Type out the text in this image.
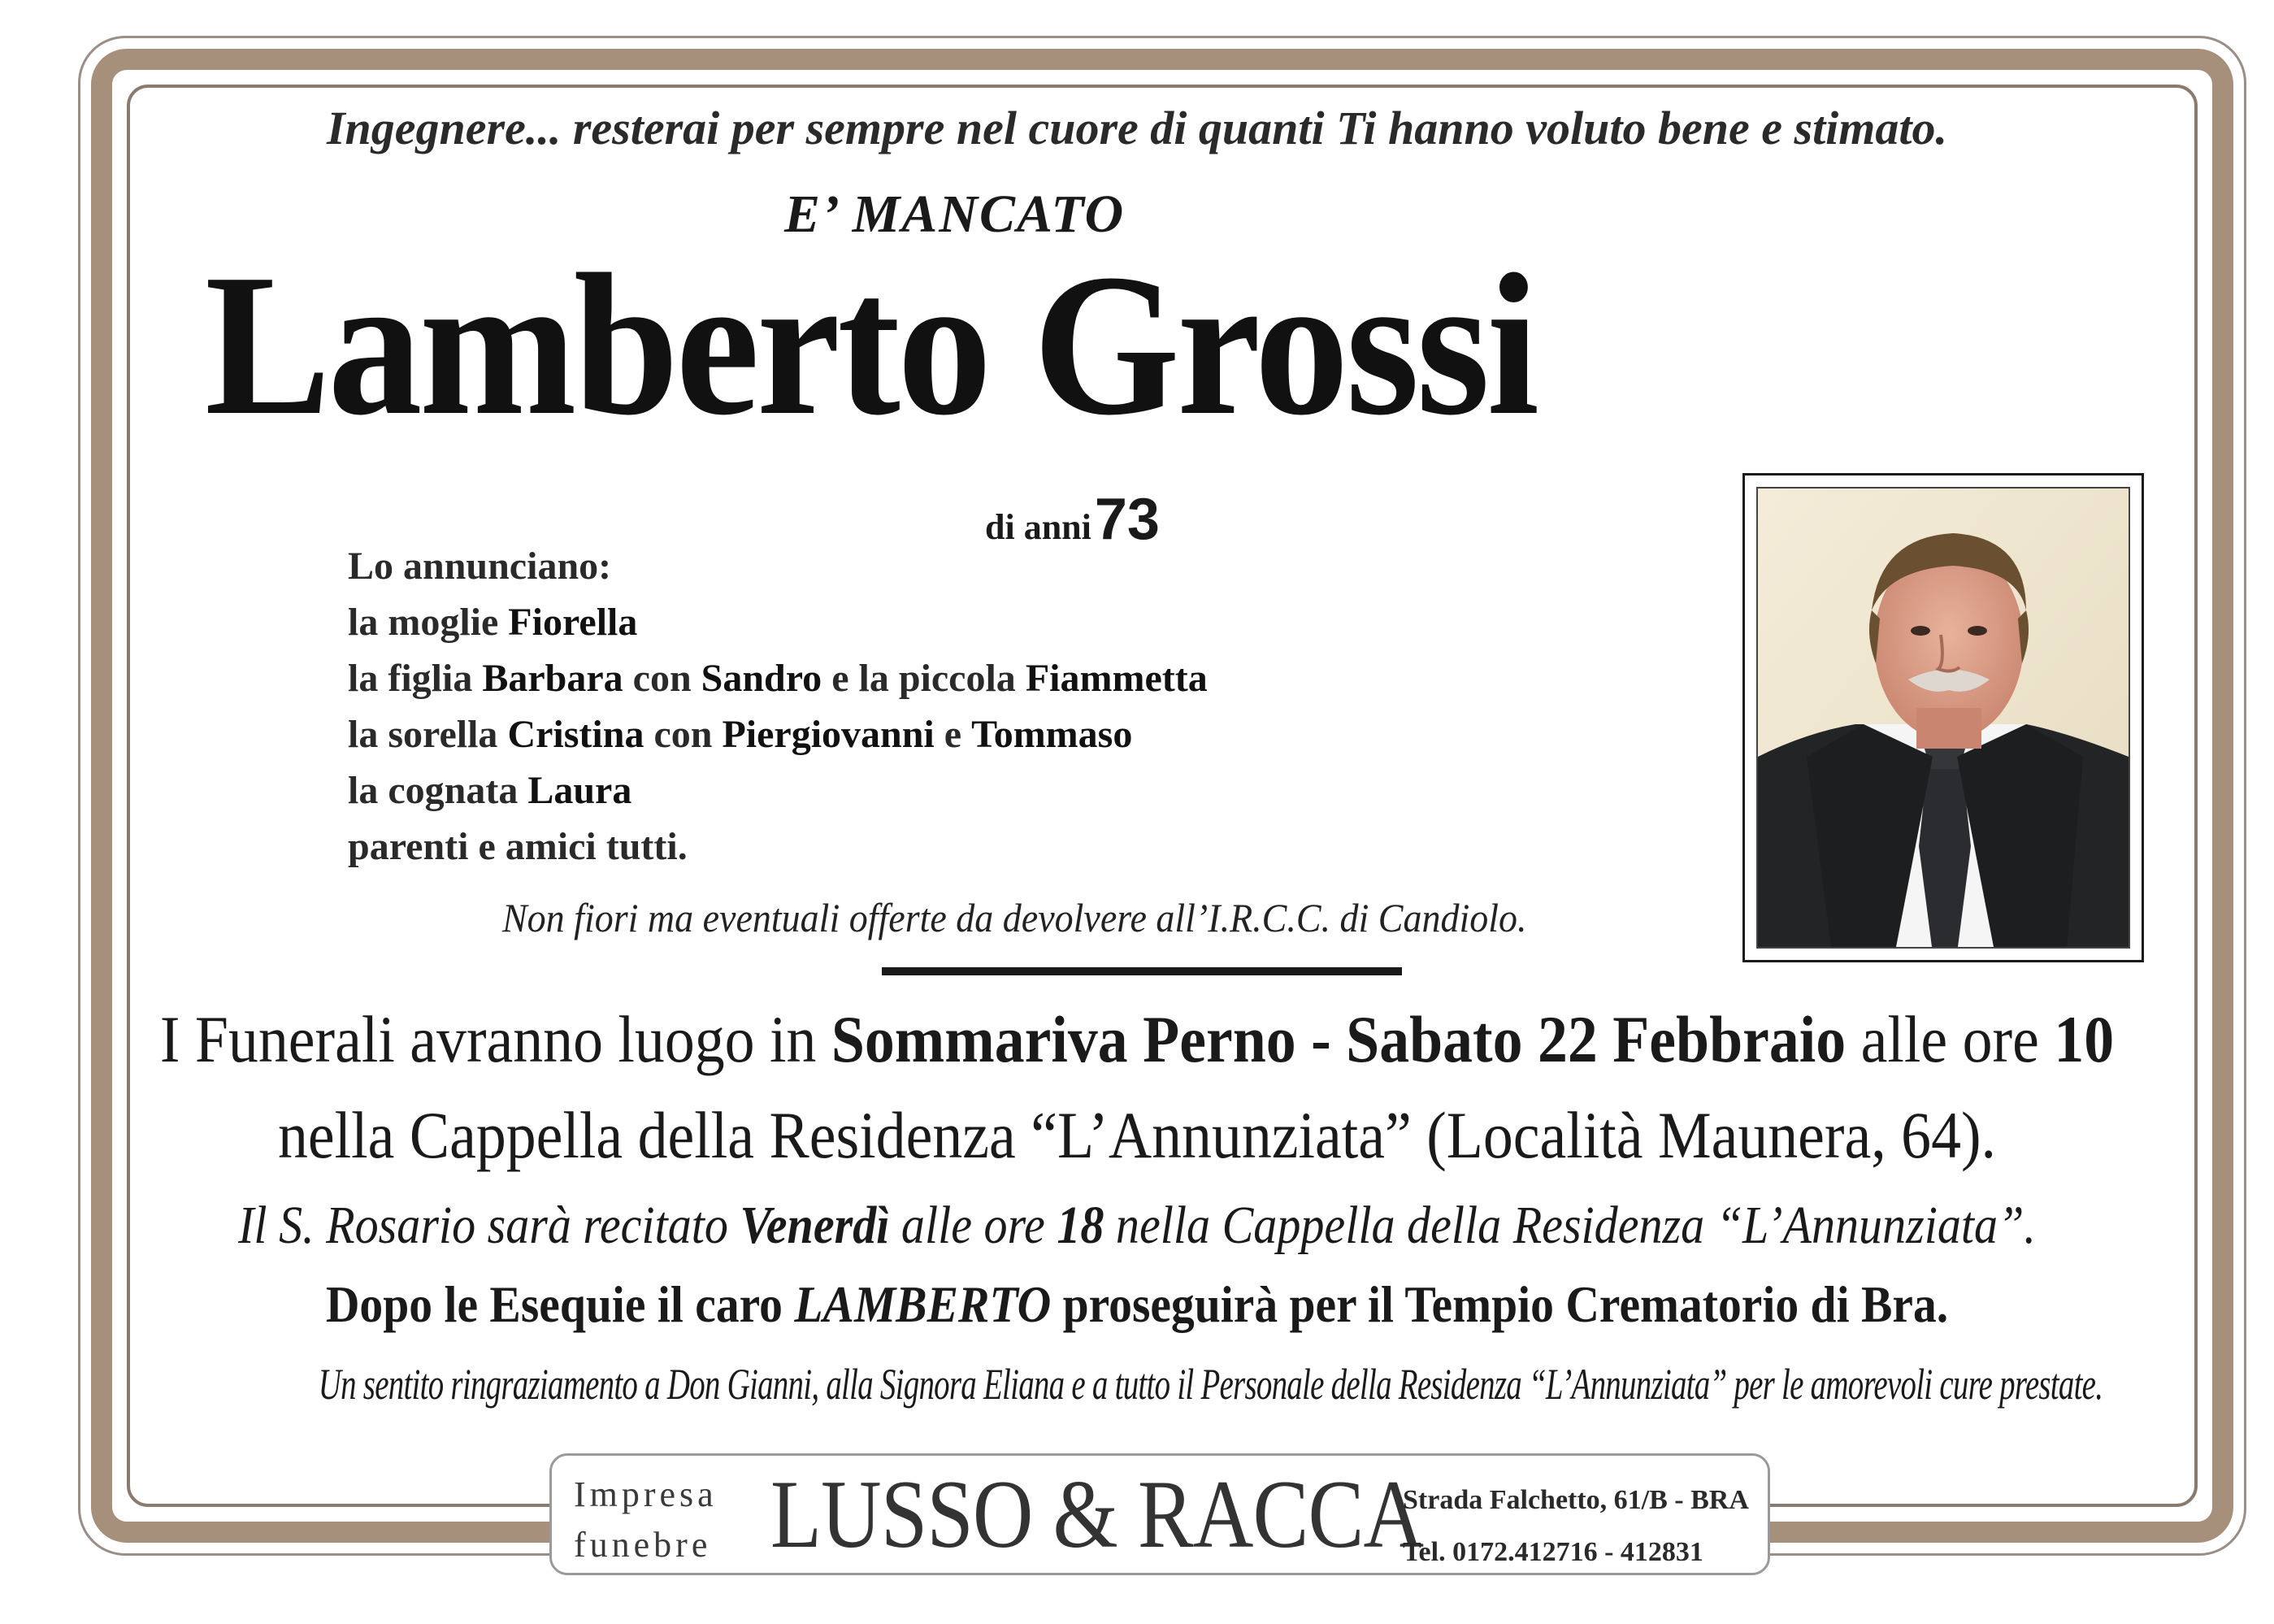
Ingegnere... resterai per sempre nel cuore di quanti Ti hanno voluto bene e stimato.
E’ MANCATO
Lamberto Grossi
di anni 73
Lo annunciano:
la moglie Fiorella
la figlia Barbara con Sandro e la piccola Fiammetta
la sorella Cristina con Piergiovanni e Tommaso
la cognata Laura
parenti e amici tutti.
Non fiori ma eventuali offerte da devolvere all’I.R.C.C. di Candiolo.
I Funerali avranno luogo in Sommariva Perno - Sabato 22 Febbraio alle ore 10
nella Cappella della Residenza “L’Annunziata” (Località Maunera, 64).
Il S. Rosario sarà recitato Venerdì alle ore 18 nella Cappella della Residenza “L’Annunziata”.
Dopo le Esequie il caro LAMBERTO proseguirà per il Tempio Crematorio di Bra.
Un sentito ringraziamento a Don Gianni, alla Signora Eliana e a tutto il Personale della Residenza “L’Annunziata” per le amorevoli cure prestate.
Impresa
funebre LUSSO & RACCA
Strada Falchetto, 61/B - BRA
Tel. 0172.412716 - 412831
